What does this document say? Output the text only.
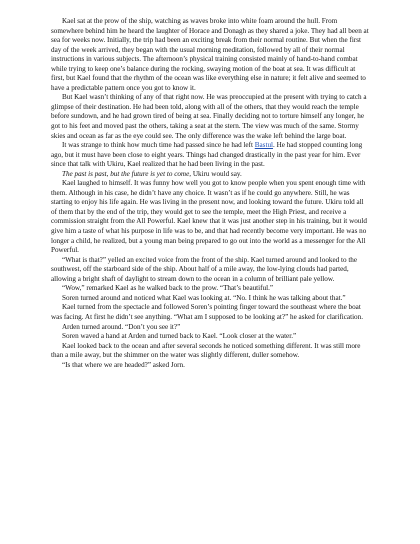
Kael sat at the prow of the ship, watching as waves broke into white foam around the hull. From somewhere behind him he heard the laughter of Horace and Donagh as they shared a joke. They had all been at sea for weeks now. Initially, the trip had been an exciting break from their normal routine. But when the first day of the week arrived, they began with the usual morning meditation, followed by all of their normal instructions in various subjects. The afternoon’s physical training consisted mainly of hand-to-hand combat while trying to keep one’s balance during the rocking, swaying motion of the boat at sea. It was difficult at first, but Kael found that the rhythm of the ocean was like everything else in nature; it felt alive and seemed to have a predictable pattern once you got to know it.

But Kael wasn’t thinking of any of that right now. He was preoccupied at the present with trying to catch a glimpse of their destination. He had been told, along with all of the others, that they would reach the temple before sundown, and he had grown tired of being at sea. Finally deciding not to torture himself any longer, he got to his feet and moved past the others, taking a seat at the stern. The view was much of the same. Stormy skies and ocean as far as the eye could see. The only difference was the wake left behind the large boat.

It was strange to think how much time had passed since he had left Bastul. He had stopped counting long ago, but it must have been close to eight years. Things had changed drastically in the past year for him. Ever since that talk with Ukiru, Kael realized that he had been living in the past.

The past is past, but the future is yet to come, Ukiru would say.

Kael laughed to himself. It was funny how well you got to know people when you spent enough time with them. Although in his case, he didn’t have any choice. It wasn’t as if he could go anywhere. Still, he was starting to enjoy his life again. He was living in the present now, and looking toward the future. Ukiru told all of them that by the end of the trip, they would get to see the temple, meet the High Priest, and receive a commission straight from the All Powerful. Kael knew that it was just another step in his training, but it would give him a taste of what his purpose in life was to be, and that had recently become very important. He was no longer a child, he realized, but a young man being prepared to go out into the world as a messenger for the All Powerful.

“What is that?” yelled an excited voice from the front of the ship. Kael turned around and looked to the southwest, off the starboard side of the ship. About half of a mile away, the low-lying clouds had parted, allowing a bright shaft of daylight to stream down to the ocean in a column of brilliant pale yellow.

“Wow,” remarked Kael as he walked back to the prow. “That’s beautiful.”

Soren turned around and noticed what Kael was looking at. “No. I think he was talking about that.”

Kael turned from the spectacle and followed Soren’s pointing finger toward the southeast where the boat was facing. At first he didn’t see anything. “What am I supposed to be looking at?” he asked for clarification.

Arden turned around. “Don’t you see it?”

Soren waved a hand at Arden and turned back to Kael. “Look closer at the water.”

Kael looked back to the ocean and after several seconds he noticed something different. It was still more than a mile away, but the shimmer on the water was slightly different, duller somehow.

“Is that where we are headed?” asked Jorn.
